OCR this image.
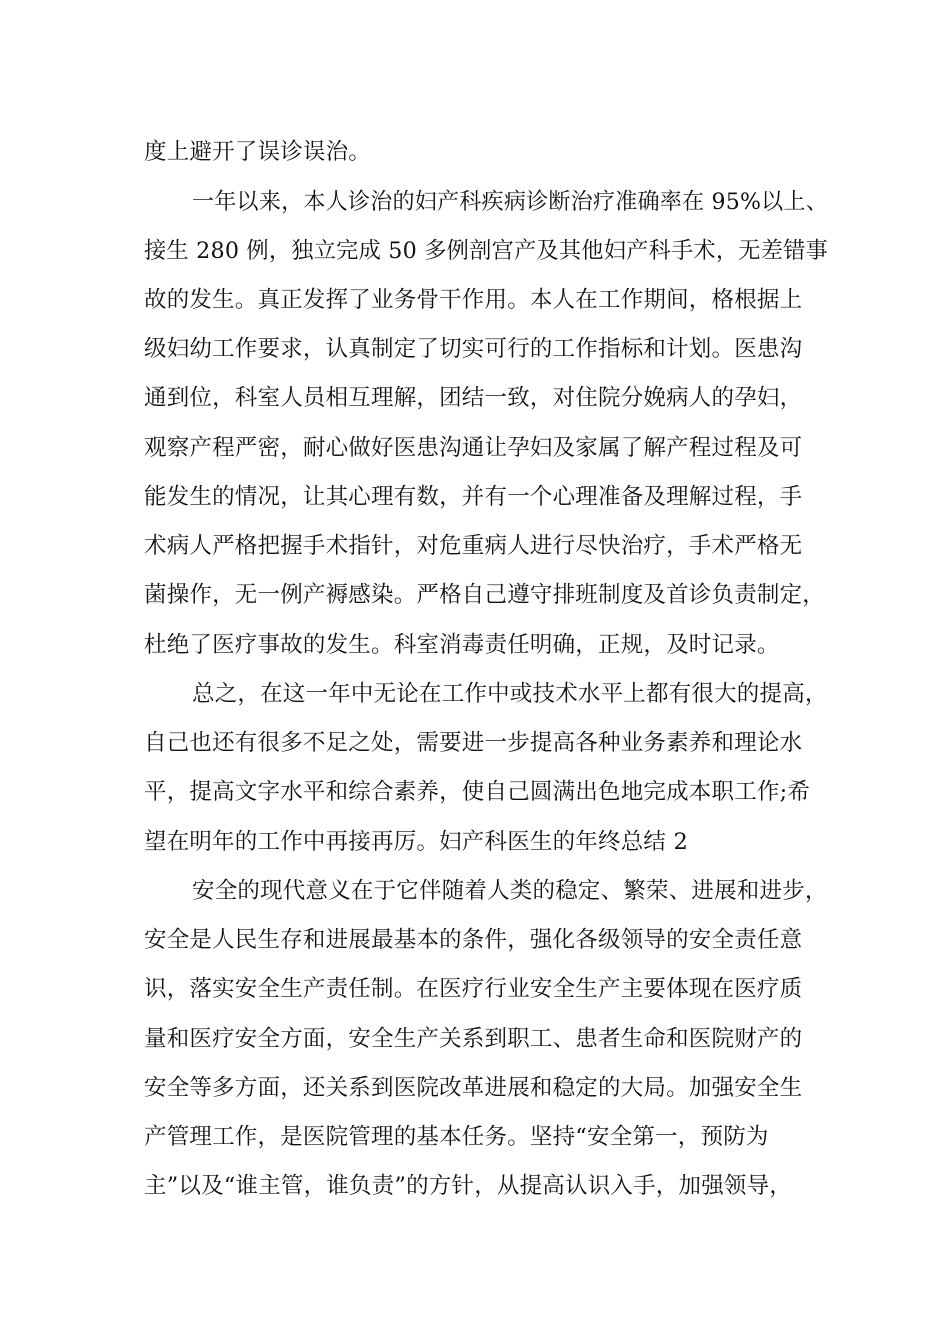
度上避开了误诊误治。
一年以来，本人诊治的妇产科疾病诊断治疗准确率在 95%以上、
接生 280 例，独立完成 50 多例剖宫产及其他妇产科手术，无差错事
故的发生。真正发挥了业务骨干作用。本人在工作期间，格根据上
级妇幼工作要求，认真制定了切实可行的工作指标和计划。医患沟
通到位，科室人员相互理解，团结一致，对住院分娩病人的孕妇，
观察产程严密，耐心做好医患沟通让孕妇及家属了解产程过程及可
能发生的情况，让其心理有数，并有一个心理准备及理解过程，手
术病人严格把握手术指针，对危重病人进行尽快治疗，手术严格无
菌操作，无一例产褥感染。严格自己遵守排班制度及首诊负责制定，
杜绝了医疗事故的发生。科室消毒责任明确，正规，及时记录。
总之，在这一年中无论在工作中或技术水平上都有很大的提高，
自己也还有很多不足之处，需要进一步提高各种业务素养和理论水
平，提高文字水平和综合素养，使自己圆满出色地完成本职工作;希
望在明年的工作中再接再厉。妇产科医生的年终总结 2
安全的现代意义在于它伴随着人类的稳定、繁荣、进展和进步，
安全是人民生存和进展最基本的条件，强化各级领导的安全责任意
识，落实安全生产责任制。在医疗行业安全生产主要体现在医疗质
量和医疗安全方面，安全生产关系到职工、患者生命和医院财产的
安全等多方面，还关系到医院改革进展和稳定的大局。加强安全生
产管理工作，是医院管理的基本任务。坚持“安全第一，预防为
主”以及“谁主管，谁负责”的方针，从提高认识入手，加强领导，
